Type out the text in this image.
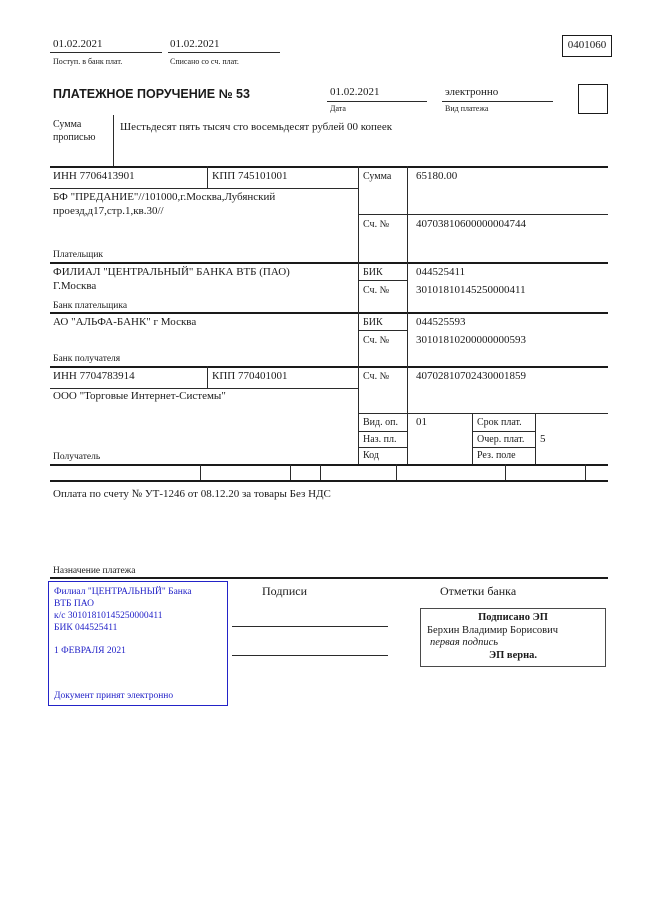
01.02.2021
Поступ. в банк плат.
01.02.2021
Списано со сч. плат.
0401060
ПЛАТЕЖНОЕ ПОРУЧЕНИЕ № 53	01.02.2021
Дата
электронно
Вид платежа
Сумма
прописью
Шестьдесят пять тысяч сто восемьдесят рублей 00 копеек
ИНН 7706413901	КПП 745101001	Сумма 65180.00
БФ "ПРЕДАНИЕ"//101000,г.Москва,Лубянский
проезд,д17,стр.1,кв.30//
Сч. № 40703810600000004744
Плательщик
ФИЛИАЛ "ЦЕНТРАЛЬНЫЙ" БАНКА ВТБ (ПАО)
Г.Москва
БИК	044525411
Сч. № 30101810145250000411
Банк плательщика
АО "АЛЬФА-БАНК" г Москва	БИК	044525593
Сч. № 30101810200000000593
Банк получателя
ИНН 7704783914	КПП 770401001	Сч. № 40702810702430001859
ООО "Торговые Интернет-Системы"
Получатель
Вид. оп. 01	Срок плат.
Наз. пл.	Очер. плат. 5
Код	Рез. поле
Оплата по счету № УТ-1246 от 08.12.20 за товары Без НДС
Назначение платежа
Филиал "ЦЕНТРАЛЬНЫЙ" Банка
ВТБ ПАО
к/с 30101810145250000411
БИК 044525411
1 ФЕВРАЛЯ 2021
Документ принят электронно
Подписи	Отметки банка
Подписано ЭП
Берхин Владимир Борисович
первая подпись
ЭП верна.
